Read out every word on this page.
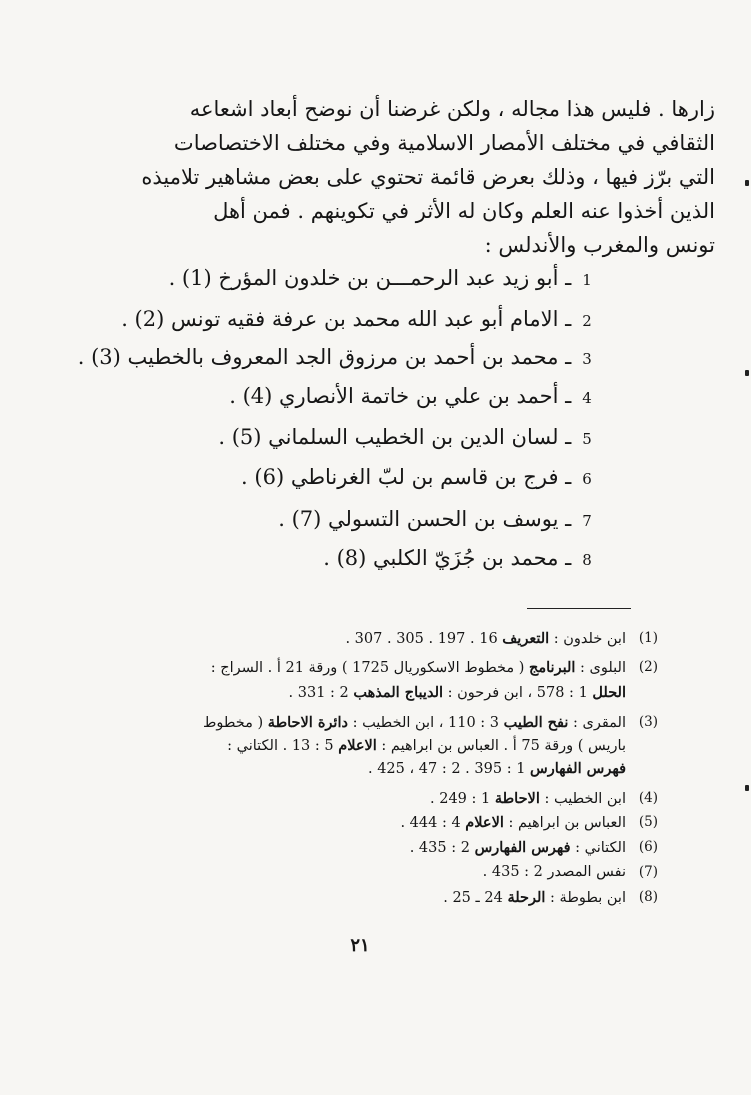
زارها . فليس هذا مجاله ، ولكن غرضنا أن نوضح أبعاد اشعاعه
الثقافي في مختلف الأمصار الاسلامية وفي مختلف الاختصاصات
التي برّز فيها ، وذلك بعرض قائمة تحتوي على بعض مشاهير تلاميذه
الذين أخذوا عنه العلم وكان له الأثر في تكوينهم . فمن أهل
تونس والمغرب والأندلس :
1 ـ أبو زيد عبد الرحمـــن بن خلدون المؤرخ (1) .
2 ـ الامام أبو عبد الله محمد بن عرفة فقيه تونس (2) .
3 ـ محمد بن أحمد بن مرزوق الجد المعروف بالخطيب (3) .
4 ـ أحمد بن علي بن خاتمة الأنصاري (4) .
5 ـ لسان الدين بن الخطيب السلماني (5) .
6 ـ فرج بن قاسم بن لبّ الغرناطي (6) .
7 ـ يوسف بن الحسن التسولي (7) .
8 ـ محمد بن جُزَيّ الكلبي (8) .
(1)
ابن خلدون : التعريف 16 . 197 . 305 . 307 .
(2)
البلوى : البرنامج ( مخطوط الاسكوريال 1725 ) ورقة 21 أ . السراج :
الحلل 1 : 578 ، ابن فرحون : الديباج المذهب 2 : 331 .
(3)
المقرى : نفح الطيب 3 : 110 ، ابن الخطيب : دائرة الاحاطة ( مخطوط
باريس ) ورقة 75 أ . العباس بن ابراهيم : الاعلام 5 : 13 . الكتاني :
فهرس الفهارس 1 : 395 . 2 : 47 ، 425 .
(4)
ابن الخطيب : الاحاطة 1 : 249 .
(5)
العباس بن ابراهيم : الاعلام 4 : 444 .
(6)
الكتاني : فهرس الفهارس 2 : 435 .
(7)
نفس المصدر 2 : 435 .
(8)
ابن بطوطة : الرحلة 24 ـ 25 .
٢١
